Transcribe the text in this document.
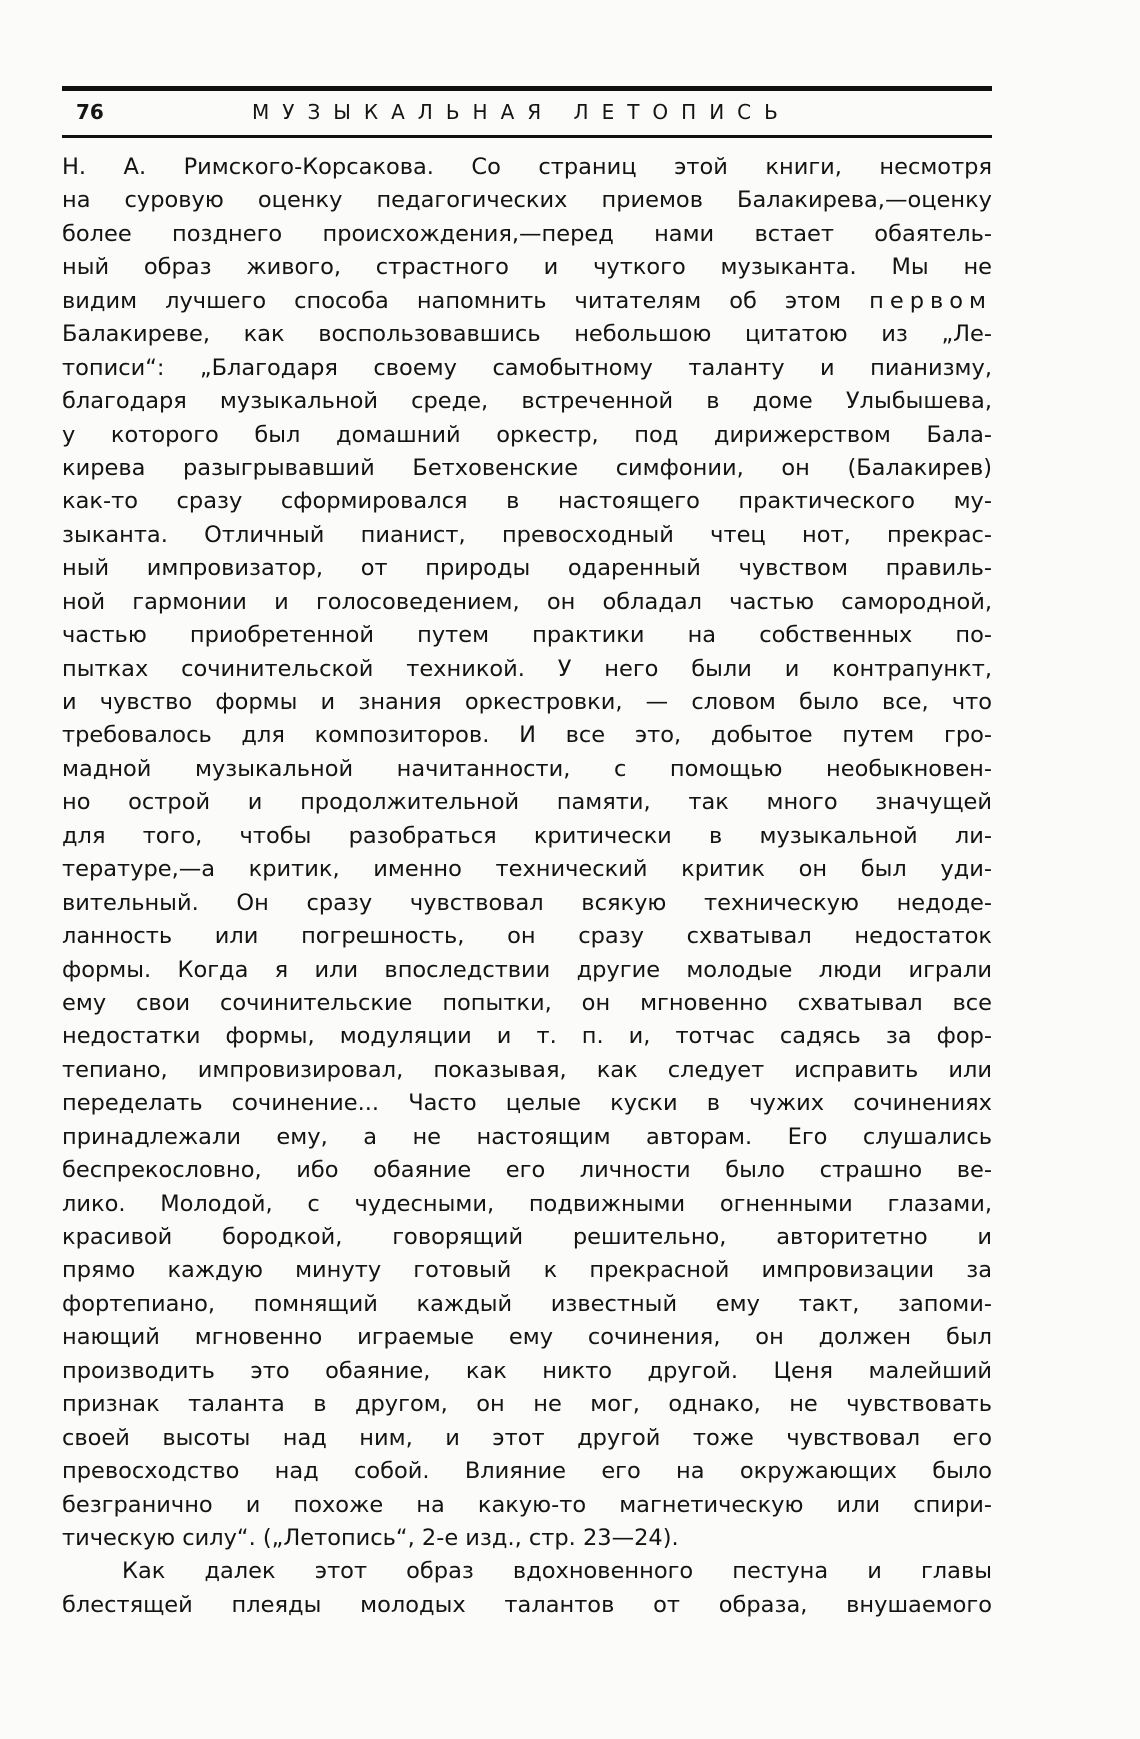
76	МУЗЫКАЛЬНАЯ ЛЕТОПИСЬ
Н. А. Римского-Корсакова. Со страниц этой книги, несмотря
на суровую оценку педагогических приемов Балакирева,—оценку
более позднего происхождения,—перед нами встает обаятель-
ный образ живого, страстного и чуткого музыканта. Мы не
видим лучшего способа напомнить читателям об этом первом
Балакиреве, как воспользовавшись небольшою цитатою из „Ле-
тописи“: „Благодаря своему самобытному таланту и пианизму,
благодаря музыкальной среде, встреченной в доме Улыбышева,
у которого был домашний оркестр, под дирижерством Бала-
кирева разыгрывавший Бетховенские симфонии, он (Балакирев)
как-то сразу сформировался в настоящего практического му-
зыканта. Отличный пианист, превосходный чтец нот, прекрас-
ный импровизатор, от природы одаренный чувством правиль-
ной гармонии и голосоведением, он обладал частью самородной,
частью приобретенной путем практики на собственных по-
пытках сочинительской техникой. У него были и контрапункт,
и чувство формы и знания оркестровки, — словом было все, что
требовалось для композиторов. И все это, добытое путем гро-
мадной музыкальной начитанности, с помощью необыкновен-
но острой и продолжительной памяти, так много значущей
для того, чтобы разобраться критически в музыкальной ли-
тературе,—а критик, именно технический критик он был уди-
вительный. Он сразу чувствовал всякую техническую недоде-
ланность или погрешность, он сразу схватывал недостаток
формы. Когда я или впоследствии другие молодые люди играли
ему свои сочинительские попытки, он мгновенно схватывал все
недостатки формы, модуляции и т. п. и, тотчас садясь за фор-
тепиано, импровизировал, показывая, как следует исправить или
переделать сочинение... Часто целые куски в чужих сочинениях
принадлежали ему, а не настоящим авторам. Его слушались
беспрекословно, ибо обаяние его личности было страшно ве-
лико. Молодой, с чудесными, подвижными огненными глазами,
красивой бородкой, говорящий решительно, авторитетно и
прямо каждую минуту готовый к прекрасной импровизации за
фортепиано, помнящий каждый известный ему такт, запоми-
нающий мгновенно играемые ему сочинения, он должен был
производить это обаяние, как никто другой. Ценя малейший
признак таланта в другом, он не мог, однако, не чувствовать
своей высоты над ним, и этот другой тоже чувствовал его
превосходство над собой. Влияние его на окружающих было
безгранично и похоже на какую-то магнетическую или спири-
тическую силу“. („Летопись“, 2-е изд., стр. 23—24).
Как далек этот образ вдохновенного пестуна и главы
блестящей плеяды молодых талантов от образа, внушаемого
